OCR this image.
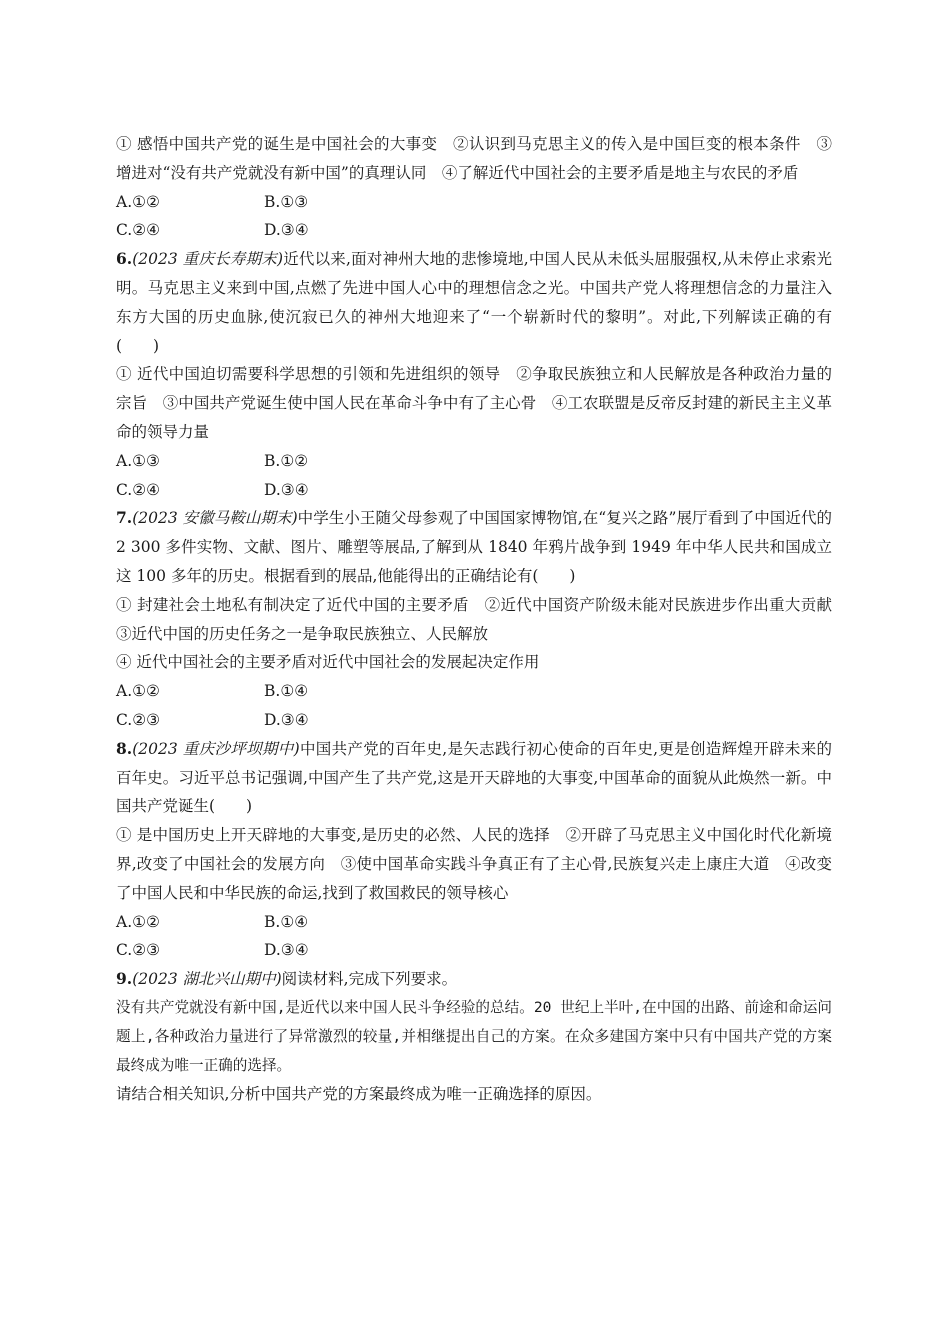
① 感悟中国共产党的诞生是中国社会的大事变　②认识到马克思主义的传入是中国巨变的根本条件　③增进对“没有共产党就没有新中国”的真理认同　④了解近代中国社会的主要矛盾是地主与农民的矛盾

A.①②	B.①③
C.②④	D.③④

6.(2023 重庆长寿期末)近代以来,面对神州大地的悲惨境地,中国人民从未低头屈服强权,从未停止求索光明。马克思主义来到中国,点燃了先进中国人心中的理想信念之光。中国共产党人将理想信念的力量注入东方大国的历史血脉,使沉寂已久的神州大地迎来了“一个崭新时代的黎明”。对此,下列解读正确的有(　　)

① 近代中国迫切需要科学思想的引领和先进组织的领导　②争取民族独立和人民解放是各种政治力量的宗旨　③中国共产党诞生使中国人民在革命斗争中有了主心骨　④工农联盟是反帝反封建的新民主主义革命的领导力量

A.①③	B.①②
C.②④	D.③④

7.(2023 安徽马鞍山期末)中学生小王随父母参观了中国国家博物馆,在“复兴之路”展厅看到了中国近代的 2 300 多件实物、文献、图片、雕塑等展品,了解到从 1840 年鸦片战争到 1949 年中华人民共和国成立这 100 多年的历史。根据看到的展品,他能得出的正确结论有(　　)

① 封建社会土地私有制决定了近代中国的主要矛盾　②近代中国资产阶级未能对民族进步作出重大贡献　③近代中国的历史任务之一是争取民族独立、人民解放

④ 近代中国社会的主要矛盾对近代中国社会的发展起决定作用

A.①②	B.①④
C.②③	D.③④

8.(2023 重庆沙坪坝期中)中国共产党的百年史,是矢志践行初心使命的百年史,更是创造辉煌开辟未来的百年史。习近平总书记强调,中国产生了共产党,这是开天辟地的大事变,中国革命的面貌从此焕然一新。中国共产党诞生(　　)

① 是中国历史上开天辟地的大事变,是历史的必然、人民的选择　②开辟了马克思主义中国化时代化新境界,改变了中国社会的发展方向　③使中国革命实践斗争真正有了主心骨,民族复兴走上康庄大道　④改变了中国人民和中华民族的命运,找到了救国救民的领导核心

A.①②	B.①④
C.②③	D.③④

9.(2023 湖北兴山期中)阅读材料,完成下列要求。

没有共产党就没有新中国,是近代以来中国人民斗争经验的总结。20 世纪上半叶,在中国的出路、前途和命运问题上,各种政治力量进行了异常激烈的较量,并相继提出自己的方案。在众多建国方案中只有中国共产党的方案最终成为唯一正确的选择。

请结合相关知识,分析中国共产党的方案最终成为唯一正确选择的原因。
